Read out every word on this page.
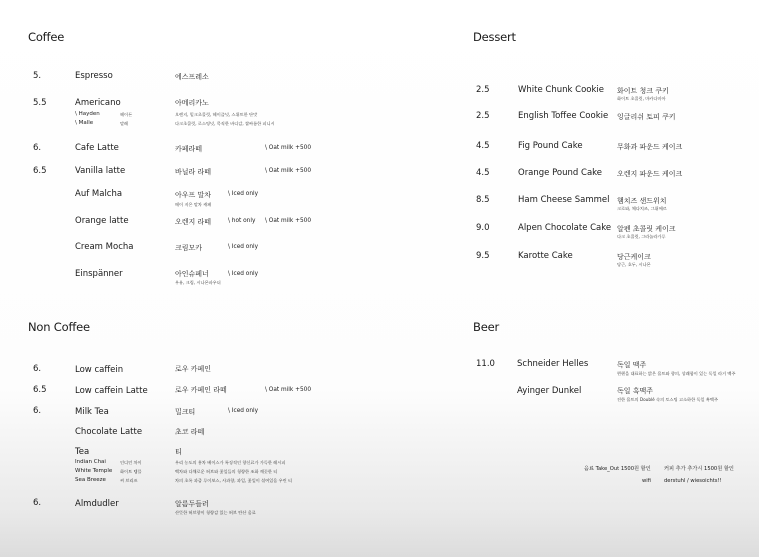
Coffee
5.	Espresso	에스프레소
5.5	Americano	아메리카노
\ Hayden	헤이든	오렌지, 밀크초콜릿, 헤이즐넛, 스위트한 단맛
\ Malle	말레	다크초콜릿, 로스팅넛, 묵직한 바디감, 쌉싸름한 피니시
6.	Cafe Latte	카페라떼	\ Oat milk +500
6.5	Vanilla latte	바닐라 라떼	\ Oat milk +500
Auf Malcha	아우프 말차	\ Iced only
메이 지은 말차 캐페
Orange latte	오렌지 라떼	\ hot only \ Oat milk +500
Cream Mocha	크림모카	\ Iced only
Einspänner	아인슈페너	\ Iced only
우유, 크림, 시나몬파우더
Non Coffee
6.	Low caffein	로우 카페인
6.5	Low caffein Latte	로우 카페인 라떼	\ Oat milk +500
6.	Milk Tea	밀크티	\ Iced only
Chocolate Latte	초코 라떼
Tea	티
Indian Chai	인디언 차이	우리 농도의 홍차 베이스가 특징적인 향신료가 가득한 레시피
White Temple 화이트 템플	백차와 다채로운 허브와 꽃잎들의 청량한 조화 깨끗한 티
Sea Breeze	씨 브리즈	차의 초록 과즙 루이보스, 사과향, 과일, 꽃잎이 섞여있음 우린 티
6.	Almdudler	알름두들러
산뜻한 허브향이 청량감 있는 허브 탄산 음료
Dessert
2.5	White Chunk Cookie 화이트 청크 쿠키
화이트 초콜릿, 마카다미아
2.5	English Toffee Cookie 잉글리쉬 토피 쿠키
4.5	Fig Pound Cake	무화과 파운드 케이크
4.5	Orange Pound Cake 오렌지 파운드 케이크
8.5	Ham Cheese Sammel 햄치즈 샌드위치
크로와, 체다치즈, 그뤼에르
9.0	Alpen Chocolate Cake 알펜 초콜릿 케이크
다크 초콜릿, 그라놀라가루
9.5	Karotte Cake	당근케이크
당근, 호두, 시나몬
Beer
11.0	Schneider Helles	독일 맥주
뮌헨을 대표하는 밝은 몰트와 향의, 상쾌함이 있는 독일 라거 맥주
Ayinger Dunkel	독일 흑맥주
진한 몰트의 Doublé 속의 토스팅 고소하한 독일 흑맥주
음료 Take_Out 1500원 할인	커피 추가 추가시 1500원 할인
wifi	derstuhl / wiesoichts!!
